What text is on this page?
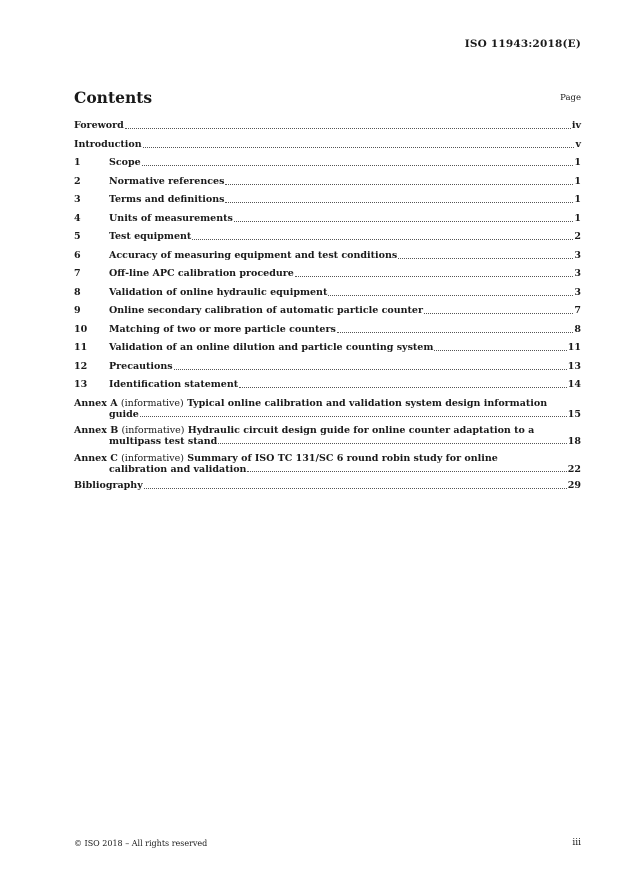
ISO 11943:2018(E)
Contents	Page
Foreword	iv
Introduction	v
1	Scope	1
2	Normative references	1
3	Terms and definitions	1
4	Units of measurements	1
5	Test equipment	2
6	Accuracy of measuring equipment and test conditions	3
7	Off-line APC calibration procedure	3
8	Validation of online hydraulic equipment	3
9	Online secondary calibration of automatic particle counter	7
10	Matching of two or more particle counters	8
11	Validation of an online dilution and particle counting system	11
12	Precautions	13
13	Identification statement	14
Annex A (informative) Typical online calibration and validation system design information
guide	15
Annex B (informative) Hydraulic circuit design guide for online counter adaptation to a
multipass test stand	18
Annex C (informative) Summary of ISO TC 131/SC 6 round robin study for online
calibration and validation	22
Bibliography	29
© ISO 2018 – All rights reserved	iii
